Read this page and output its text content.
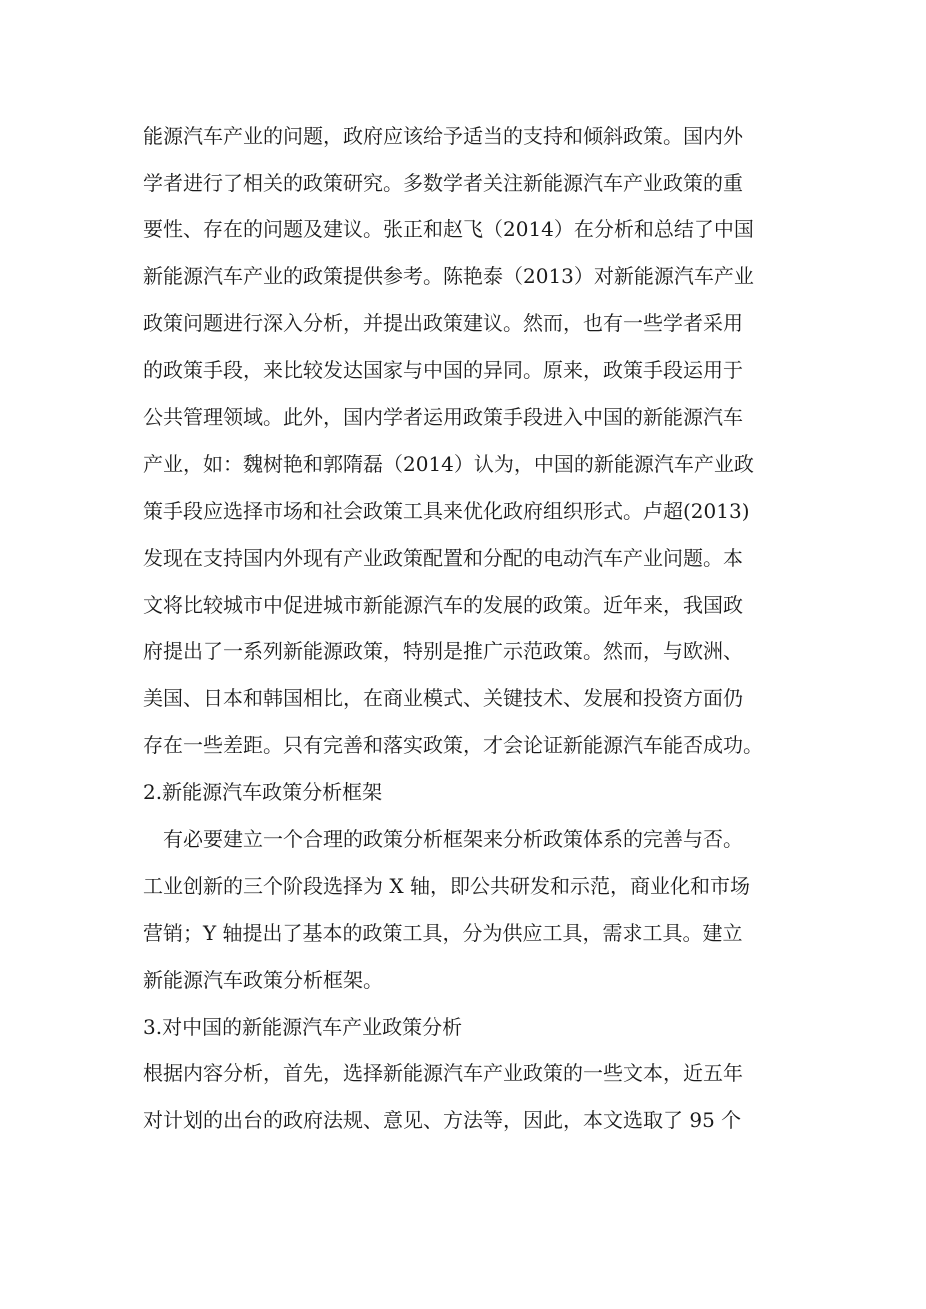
能源汽车产业的问题，政府应该给予适当的支持和倾斜政策。国内外
学者进行了相关的政策研究。多数学者关注新能源汽车产业政策的重
要性、存在的问题及建议。张正和赵飞（2014）在分析和总结了中国
新能源汽车产业的政策提供参考。陈艳泰（2013）对新能源汽车产业
政策问题进行深入分析，并提出政策建议。然而，也有一些学者采用
的政策手段，来比较发达国家与中国的异同。原来，政策手段运用于
公共管理领域。此外，国内学者运用政策手段进入中国的新能源汽车
产业，如：魏树艳和郭隋磊（2014）认为，中国的新能源汽车产业政
策手段应选择市场和社会政策工具来优化政府组织形式。卢超(2013)
发现在支持国内外现有产业政策配置和分配的电动汽车产业问题。本
文将比较城市中促进城市新能源汽车的发展的政策。近年来，我国政
府提出了一系列新能源政策，特别是推广示范政策。然而，与欧洲、
美国、日本和韩国相比，在商业模式、关键技术、发展和投资方面仍
存在一些差距。只有完善和落实政策，才会论证新能源汽车能否成功。
2.新能源汽车政策分析框架
有必要建立一个合理的政策分析框架来分析政策体系的完善与否。
工业创新的三个阶段选择为 X 轴，即公共研发和示范，商业化和市场
营销；Y 轴提出了基本的政策工具，分为供应工具，需求工具。建立
新能源汽车政策分析框架。
3.对中国的新能源汽车产业政策分析
根据内容分析，首先，选择新能源汽车产业政策的一些文本，近五年
对计划的出台的政府法规、意见、方法等，因此，本文选取了 95 个
